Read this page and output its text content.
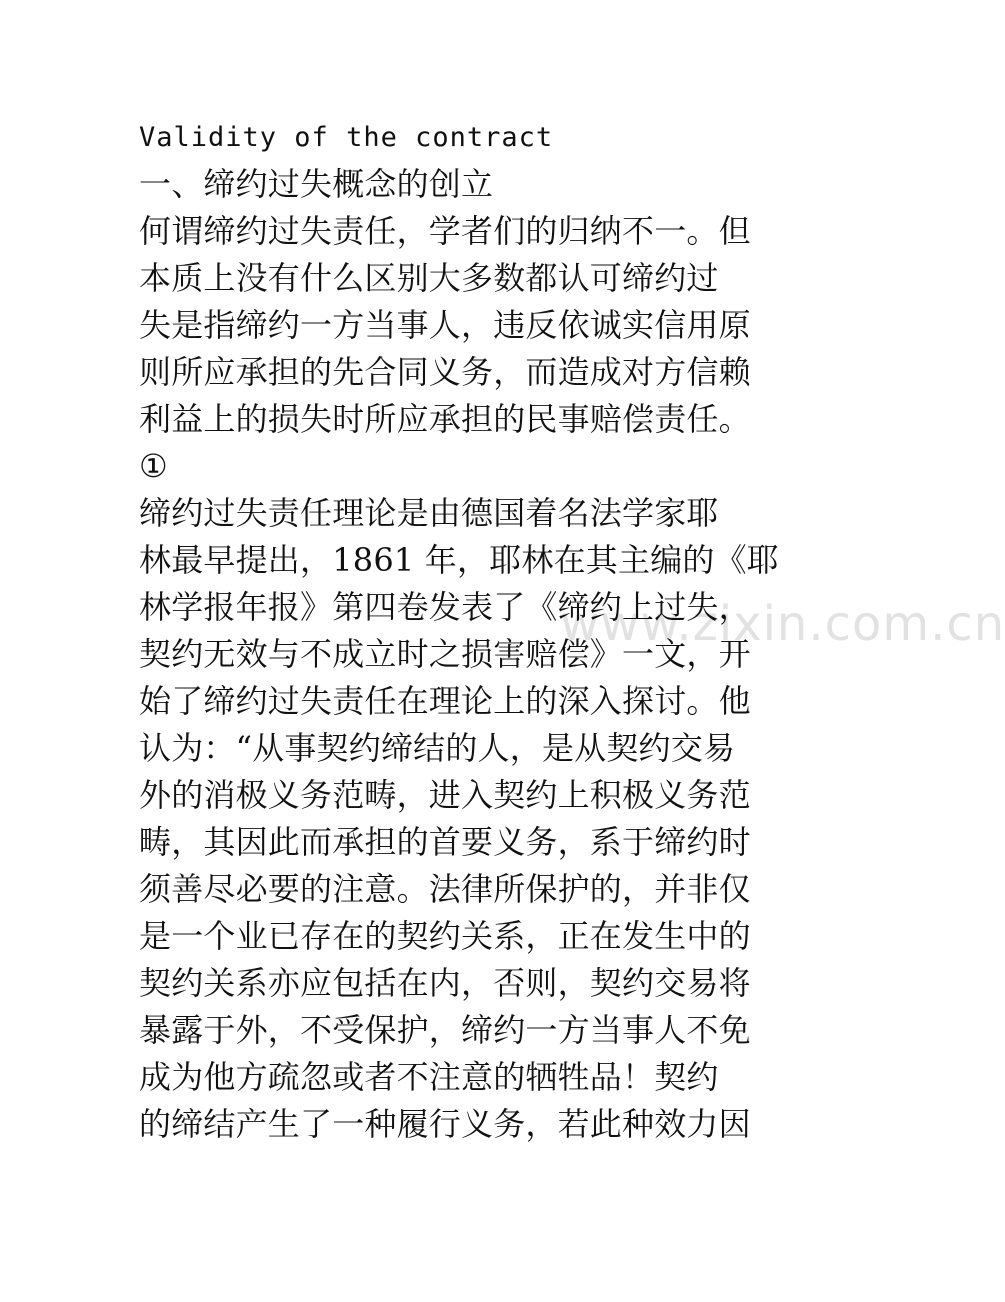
www.zixin.com.cn
Validity of the contract
一、缔约过失概念的创立
何谓缔约过失责任，学者们的归纳不一。但
本质上没有什么区别大多数都认可缔约过
失是指缔约一方当事人，违反依诚实信用原
则所应承担的先合同义务，而造成对方信赖
利益上的损失时所应承担的民事赔偿责任。
①
缔约过失责任理论是由德国着名法学家耶
林最早提出，1861 年，耶林在其主编的《耶
林学报年报》第四卷发表了《缔约上过失，
契约无效与不成立时之损害赔偿》一文，开
始了缔约过失责任在理论上的深入探讨。他
认为：“从事契约缔结的人，是从契约交易
外的消极义务范畴，进入契约上积极义务范
畴，其因此而承担的首要义务，系于缔约时
须善尽必要的注意。法律所保护的，并非仅
是一个业已存在的契约关系，正在发生中的
契约关系亦应包括在内，否则，契约交易将
暴露于外，不受保护，缔约一方当事人不免
成为他方疏忽或者不注意的牺牲品！契约
的缔结产生了一种履行义务，若此种效力因
